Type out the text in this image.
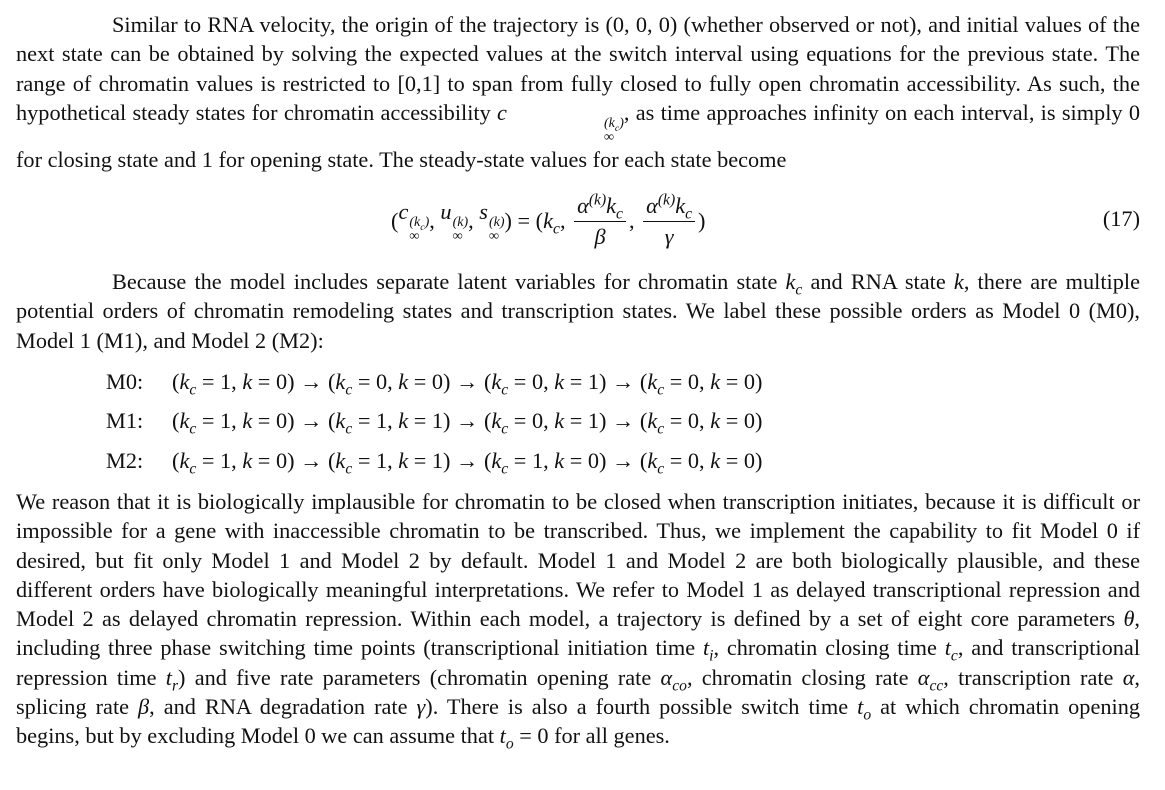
Similar to RNA velocity, the origin of the trajectory is (0, 0, 0) (whether observed or not), and initial values of the next state can be obtained by solving the expected values at the switch interval using equations for the previous state. The range of chromatin values is restricted to [0,1] to span from fully closed to fully open chromatin accessibility. As such, the hypothetical steady states for chromatin accessibility c	$(k_c)$
∞
, as time approaches infinity on each interval, is simply 0 for closing state and 1 for opening state. The steady-state values for each state become
( c $(k_c)$
∞
, u (k)
∞
, s (k)
∞
) = ( $k_c$ , $\frac{\alpha^{(k)}k_c}{\beta}$ , $\frac{\alpha^{(k)}k_c}{\gamma}$ )	(17)
Because the model includes separate latent variables for chromatin state $k_c$ and RNA state k, there are multiple potential orders of chromatin remodeling states and transcription states. We label these possible orders as Model 0 (M0), Model 1 (M1), and Model 2 (M2):
M0: ($k_c = 1$, $k = 0) \to (k_c = 0$, $k = 0) \to (k_c = 0$, $k = 1) \to (k_c = 0$, k = 0)
M1: ($k_c = 1$, $k = 0) \to (k_c = 1$, $k = 1) \to (k_c = 0$, $k = 1) \to (k_c = 0$, k = 0)
M2: ($k_c = 1$, $k = 0) \to (k_c = 1$, $k = 1) \to (k_c = 1$, $k = 0) \to (k_c = 0$, k = 0)
We reason that it is biologically implausible for chromatin to be closed when transcription initiates, because it is difficult or impossible for a gene with inaccessible chromatin to be transcribed. Thus, we implement the capability to fit Model 0 if desired, but fit only Model 1 and Model 2 by default. Model 1 and Model 2 are both biologically plausible, and these different orders have biologically meaningful interpretations. We refer to Model 1 as delayed transcriptional repression and Model 2 as delayed chromatin repression. Within each model, a trajectory is defined by a set of eight core parameters θ, including three phase switching time points (transcriptional initiation time $t_i$, chromatin closing time $t_c$, and transcriptional repression time $t_r$) and five rate parameters (chromatin opening rate $\alpha_{co}$, chromatin closing rate $\alpha_{cc}$, transcription rate α, splicing rate β, and RNA degradation rate γ). There is also a fourth possible switch time $t_o$ at which chromatin opening begins, but by excluding Model 0 we can assume that $t_o = 0$ for all genes.
